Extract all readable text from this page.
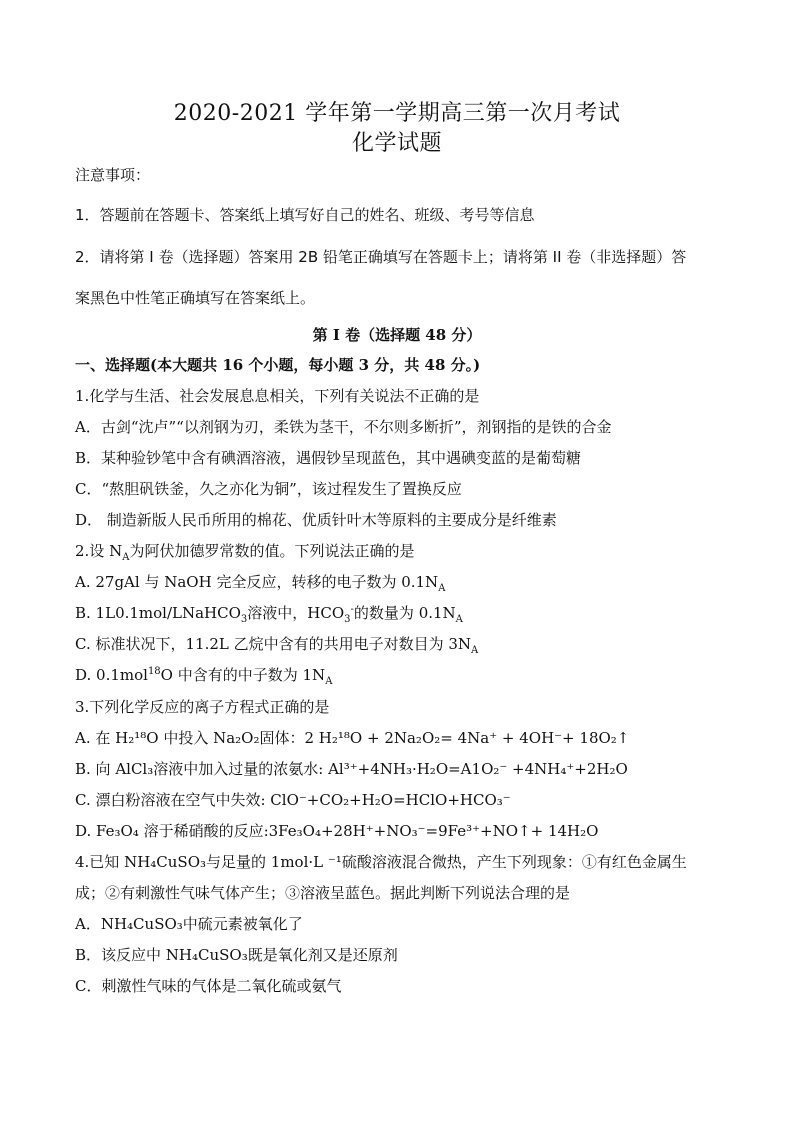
2020-2021 学年第一学期高三第一次月考试
化学试题
注意事项：
1．答题前在答题卡、答案纸上填写好自己的姓名、班级、考号等信息
2．请将第 I 卷（选择题）答案用 2B 铅笔正确填写在答题卡上；请将第 II 卷（非选择题）答
案黑色中性笔正确填写在答案纸上。
第 I 卷（选择题 48 分）
一、选择题(本大题共 16 个小题，每小题 3 分，共 48 分。)
1.化学与生活、社会发展息息相关，下列有关说法不正确的是
A．古剑“沈卢”“以剂钢为刃，柔铁为茎干，不尔则多断折”，剂钢指的是铁的合金
B．某种验钞笔中含有碘酒溶液，遇假钞呈现蓝色，其中遇碘变蓝的是葡萄糖
C．“熬胆矾铁釜，久之亦化为铜”，该过程发生了置换反应
D． 制造新版人民币所用的棉花、优质针叶木等原料的主要成分是纤维素
2.设 $N_A$为阿伏加德罗常数的值。下列说法正确的是
A. 27gAl 与 NaOH 完全反应，转移的电子数为 $0.1N_A$
B. 1L0.1mol/LNaHCO$_3$溶液中，$HCO_3^-$的数量为 $0.1N_A$
C. 标准状况下，11.2L 乙烷中含有的共用电子对数目为 $3N_A$
D. 0.1mol$^{18}$O 中含有的中子数为 $1N_A$
3.下列化学反应的离子方程式正确的是
A. 在 H₂¹⁸O 中投入 Na₂O₂固体：2 H₂¹⁸O + 2Na₂O₂= 4Na⁺ + 4OH⁻+ 18O₂↑
B. 向 AlCl₃溶液中加入过量的浓氨水: Al³⁺+4NH₃·H₂O=A1O₂⁻ +4NH₄⁺+2H₂O
C. 漂白粉溶液在空气中失效: ClO⁻+CO₂+H₂O=HClO+HCO₃⁻
D. Fe₃O₄ 溶于稀硝酸的反应:3Fe₃O₄+28H⁺+NO₃⁻=9Fe³⁺+NO↑+ 14H₂O
4.已知 NH₄CuSO₃与足量的 1mol·L ⁻¹硫酸溶液混合微热，产生下列现象：①有红色金属生
成；②有刺激性气味气体产生；③溶液呈蓝色。据此判断下列说法合理的是
A．NH₄CuSO₃中硫元素被氧化了
B．该反应中 NH₄CuSO₃既是氧化剂又是还原剂
C．刺激性气味的气体是二氧化硫或氨气
